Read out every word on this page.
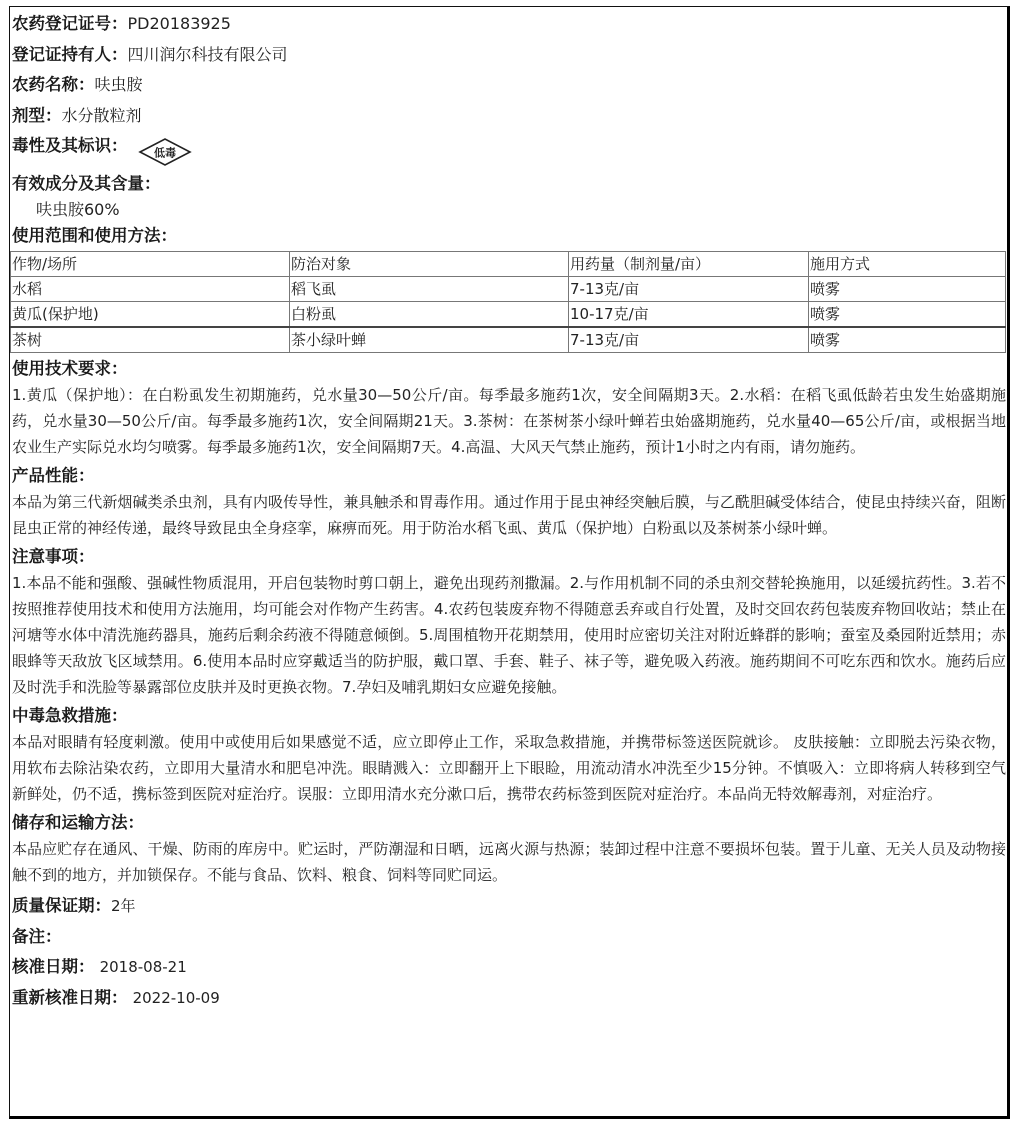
农药登记证号：PD20183925
登记证持有人：四川润尔科技有限公司
农药名称：呋虫胺
剂型：水分散粒剂
毒性及其标识： 低毒
有效成分及其含量：
呋虫胺60%
使用范围和使用方法：
作物/场所	防治对象	用药量（制剂量/亩）	施用方式
水稻	稻飞虱	7-13克/亩	喷雾
黄瓜(保护地)	白粉虱	10-17克/亩	喷雾
茶树	茶小绿叶蝉	7-13克/亩	喷雾
使用技术要求：
1.黄瓜（保护地）：在白粉虱发生初期施药，兑水量30—50公斤/亩。每季最多施药1次，安全间隔期3天。2.水稻：在稻飞虱低龄若虫发生始盛期施药，兑水量30—50公斤/亩。每季最多施药1次，安全间隔期21天。3.茶树：在茶树茶小绿叶蝉若虫始盛期施药，兑水量40—65公斤/亩，或根据当地农业生产实际兑水均匀喷雾。每季最多施药1次，安全间隔期7天。4.高温、大风天气禁止施药，预计1小时之内有雨，请勿施药。
产品性能：
本品为第三代新烟碱类杀虫剂，具有内吸传导性，兼具触杀和胃毒作用。通过作用于昆虫神经突触后膜，与乙酰胆碱受体结合，使昆虫持续兴奋，阻断昆虫正常的神经传递，最终导致昆虫全身痉挛，麻痹而死。用于防治水稻飞虱、黄瓜（保护地）白粉虱以及茶树茶小绿叶蝉。
注意事项：
1.本品不能和强酸、强碱性物质混用，开启包装物时剪口朝上，避免出现药剂撒漏。2.与作用机制不同的杀虫剂交替轮换施用，以延缓抗药性。3.若不按照推荐使用技术和使用方法施用，均可能会对作物产生药害。4.农药包装废弃物不得随意丢弃或自行处置，及时交回农药包装废弃物回收站；禁止在河塘等水体中清洗施药器具，施药后剩余药液不得随意倾倒。5.周围植物开花期禁用，使用时应密切关注对附近蜂群的影响；蚕室及桑园附近禁用；赤眼蜂等天敌放飞区域禁用。6.使用本品时应穿戴适当的防护服，戴口罩、手套、鞋子、袜子等，避免吸入药液。施药期间不可吃东西和饮水。施药后应及时洗手和洗脸等暴露部位皮肤并及时更换衣物。7.孕妇及哺乳期妇女应避免接触。
中毒急救措施：
本品对眼睛有轻度刺激。使用中或使用后如果感觉不适，应立即停止工作，采取急救措施，并携带标签送医院就诊。 皮肤接触：立即脱去污染衣物，用软布去除沾染农药，立即用大量清水和肥皂冲洗。眼睛溅入：立即翻开上下眼睑，用流动清水冲洗至少15分钟。不慎吸入：立即将病人转移到空气新鲜处，仍不适，携标签到医院对症治疗。误服：立即用清水充分漱口后，携带农药标签到医院对症治疗。本品尚无特效解毒剂，对症治疗。
储存和运输方法：
本品应贮存在通风、干燥、防雨的库房中。贮运时，严防潮湿和日晒，远离火源与热源；装卸过程中注意不要损坏包装。置于儿童、无关人员及动物接触不到的地方，并加锁保存。不能与食品、饮料、粮食、饲料等同贮同运。
质量保证期：2年
备注：
核准日期： 2018-08-21
重新核准日期： 2022-10-09
